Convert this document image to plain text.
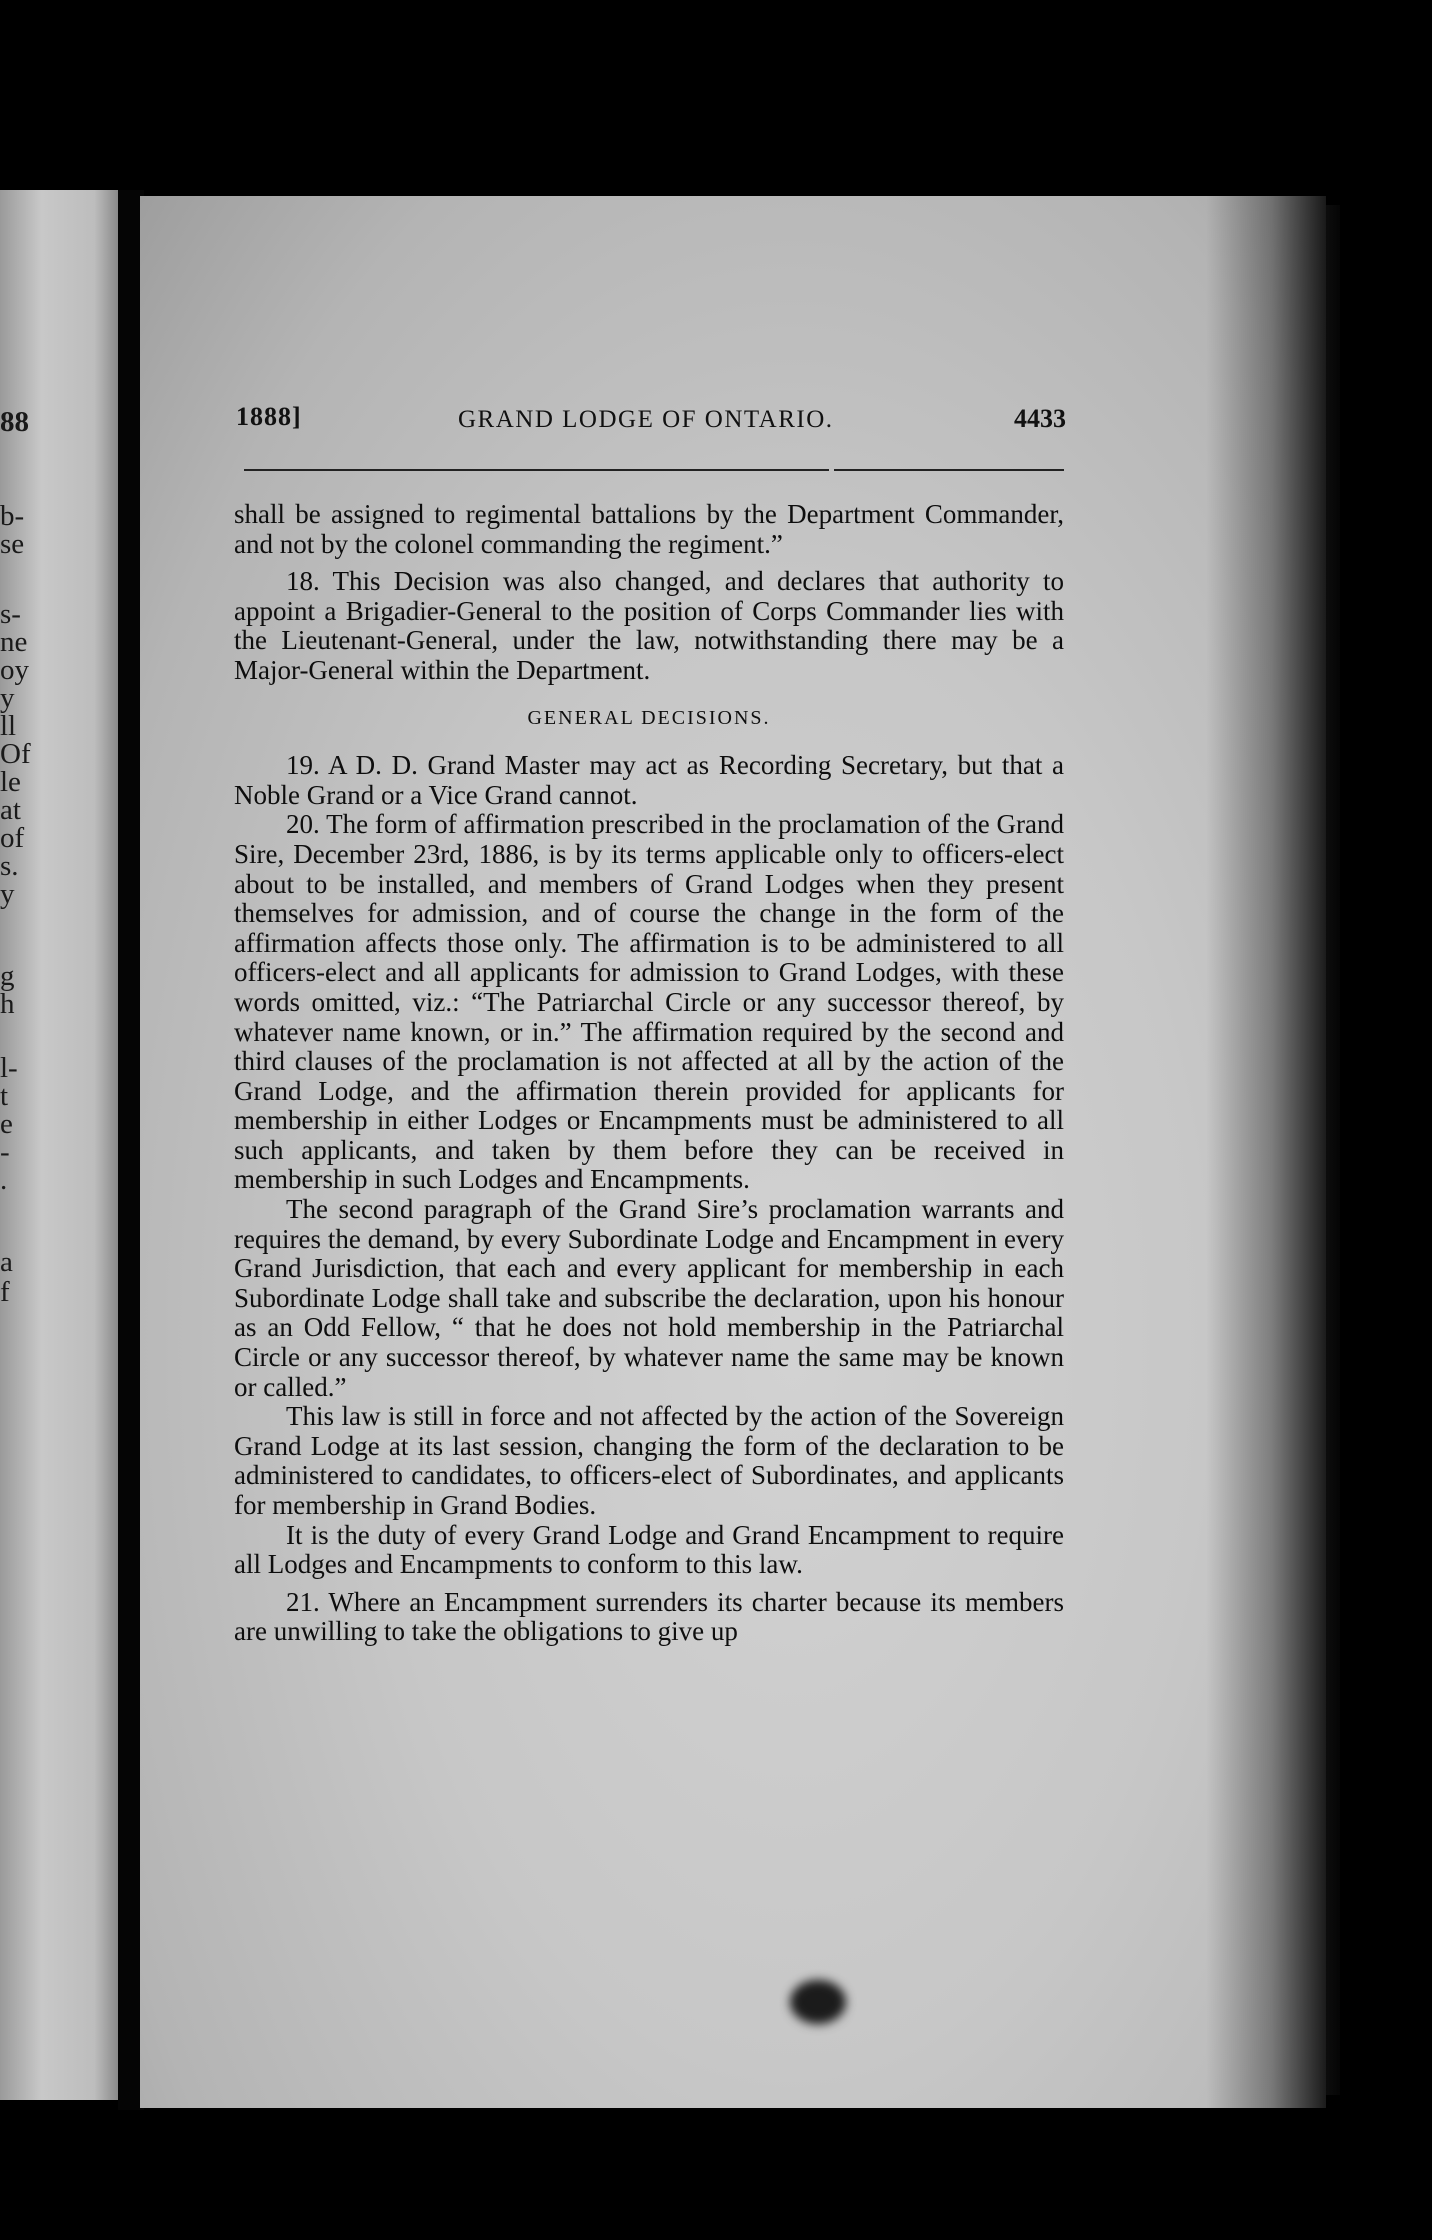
88
b-
se
s-
ne
oy
y
ll
Of
le
at
of
s.
y
g
h
l-
t
e
-
.
a
f
1888]	GRAND LODGE OF ONTARIO.	4433

shall be assigned to regimental battalions by the Department Commander, and not by the colonel commanding the regiment.”

18. This Decision was also changed, and declares that authority to appoint a Brigadier-General to the position of Corps Commander lies with the Lieutenant-General, under the law, notwithstanding there may be a Major-General within the Department.

GENERAL DECISIONS.

19. A D. D. Grand Master may act as Recording Secretary, but that a Noble Grand or a Vice Grand cannot.

20. The form of affirmation prescribed in the proclamation of the Grand Sire, December 23rd, 1886, is by its terms applicable only to officers-elect about to be installed, and members of Grand Lodges when they present themselves for admission, and of course the change in the form of the affirmation affects those only. The affirmation is to be administered to all officers-elect and all applicants for admission to Grand Lodges, with these words omitted, viz.: “The Patriarchal Circle or any successor thereof, by whatever name known, or in.” The affirmation required by the second and third clauses of the proclamation is not affected at all by the action of the Grand Lodge, and the affirmation therein provided for applicants for membership in either Lodges or Encampments must be administered to all such applicants, and taken by them before they can be received in membership in such Lodges and Encampments.

The second paragraph of the Grand Sire’s proclamation warrants and requires the demand, by every Subordinate Lodge and Encampment in every Grand Jurisdiction, that each and every applicant for membership in each Subordinate Lodge shall take and subscribe the declaration, upon his honour as an Odd Fellow, “ that he does not hold membership in the Patriarchal Circle or any successor thereof, by whatever name the same may be known or called.”

This law is still in force and not affected by the action of the Sovereign Grand Lodge at its last session, changing the form of the declaration to be administered to candidates, to officers-elect of Subordinates, and applicants for membership in Grand Bodies.

It is the duty of every Grand Lodge and Grand Encampment to require all Lodges and Encampments to conform to this law.

21. Where an Encampment surrenders its charter because its members are unwilling to take the obligations to give up
